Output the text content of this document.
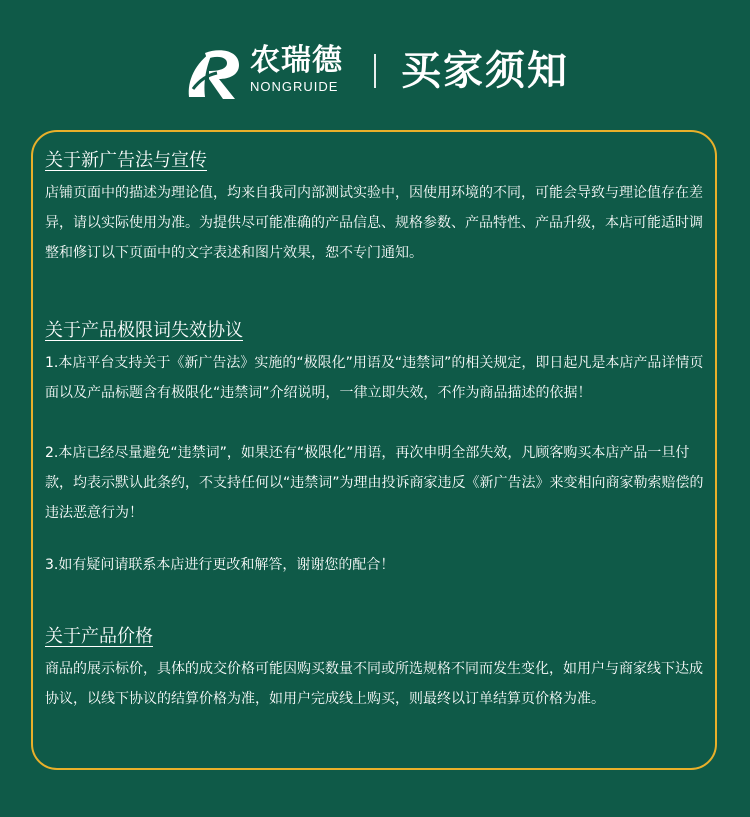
农瑞德
NONGRUIDE 买家须知
关于新广告法与宣传
店铺页面中的描述为理论值，均来自我司内部测试实验中，因使用环境的不同，可能会导致与理论值存在差异，请以实际使用为准。为提供尽可能准确的产品信息、规格参数、产品特性、产品升级，本店可能适时调整和修订以下页面中的文字表述和图片效果，恕不专门通知。
关于产品极限词失效协议
1.本店平台支持关于《新广告法》实施的“极限化”用语及“违禁词”的相关规定，即日起凡是本店产品详情页面以及产品标题含有极限化“违禁词”介绍说明，一律立即失效，不作为商品描述的依据！
2.本店已经尽量避免“违禁词”，如果还有“极限化”用语，再次申明全部失效，凡顾客购买本店产品一旦付款，均表示默认此条约，不支持任何以“违禁词”为理由投诉商家违反《新广告法》来变相向商家勒索赔偿的违法恶意行为！
3.如有疑问请联系本店进行更改和解答，谢谢您的配合！
关于产品价格
商品的展示标价，具体的成交价格可能因购买数量不同或所选规格不同而发生变化，如用户与商家线下达成协议，以线下协议的结算价格为准，如用户完成线上购买，则最终以订单结算页价格为准。
